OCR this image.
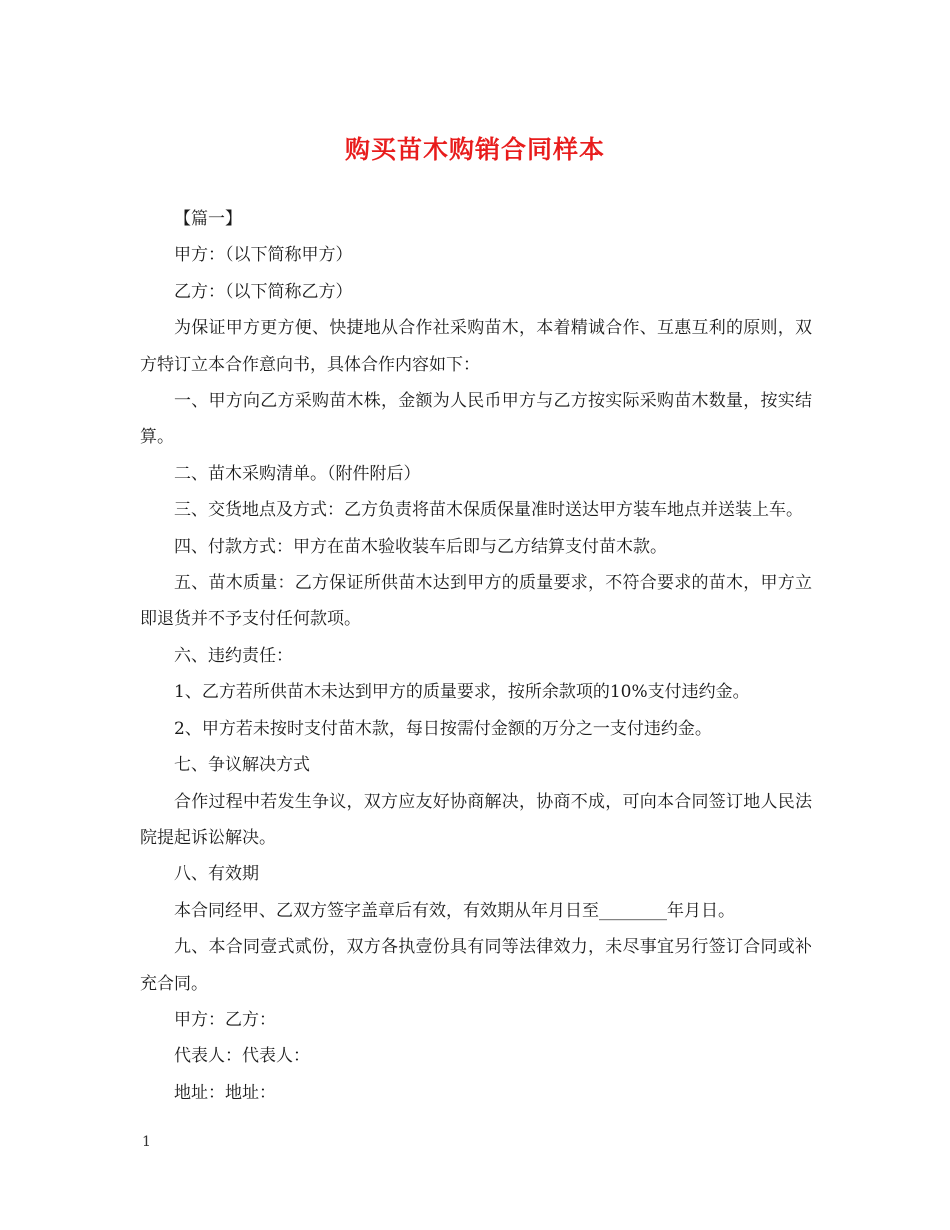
购买苗木购销合同样本

【篇一】

甲方：（以下简称甲方）

乙方：（以下简称乙方）

为保证甲方更方便、快捷地从合作社采购苗木，本着精诚合作、互惠互利的原则，双方特订立本合作意向书，具体合作内容如下：

一、甲方向乙方采购苗木株，金额为人民币甲方与乙方按实际采购苗木数量，按实结算。

二、苗木采购清单。（附件附后）

三、交货地点及方式：乙方负责将苗木保质保量准时送达甲方装车地点并送装上车。

四、付款方式：甲方在苗木验收装车后即与乙方结算支付苗木款。

五、苗木质量：乙方保证所供苗木达到甲方的质量要求，不符合要求的苗木，甲方立即退货并不予支付任何款项。

六、违约责任：

1、乙方若所供苗木未达到甲方的质量要求，按所余款项的10%支付违约金。

2、甲方若未按时支付苗木款，每日按需付金额的万分之一支付违约金。

七、争议解决方式

合作过程中若发生争议，双方应友好协商解决，协商不成，可向本合同签订地人民法院提起诉讼解决。

八、有效期

本合同经甲、乙双方签字盖章后有效，有效期从年月日至________年月日。

九、本合同壹式贰份，双方各执壹份具有同等法律效力，未尽事宜另行签订合同或补充合同。

甲方：乙方：

代表人：代表人：

地址：地址：

1
